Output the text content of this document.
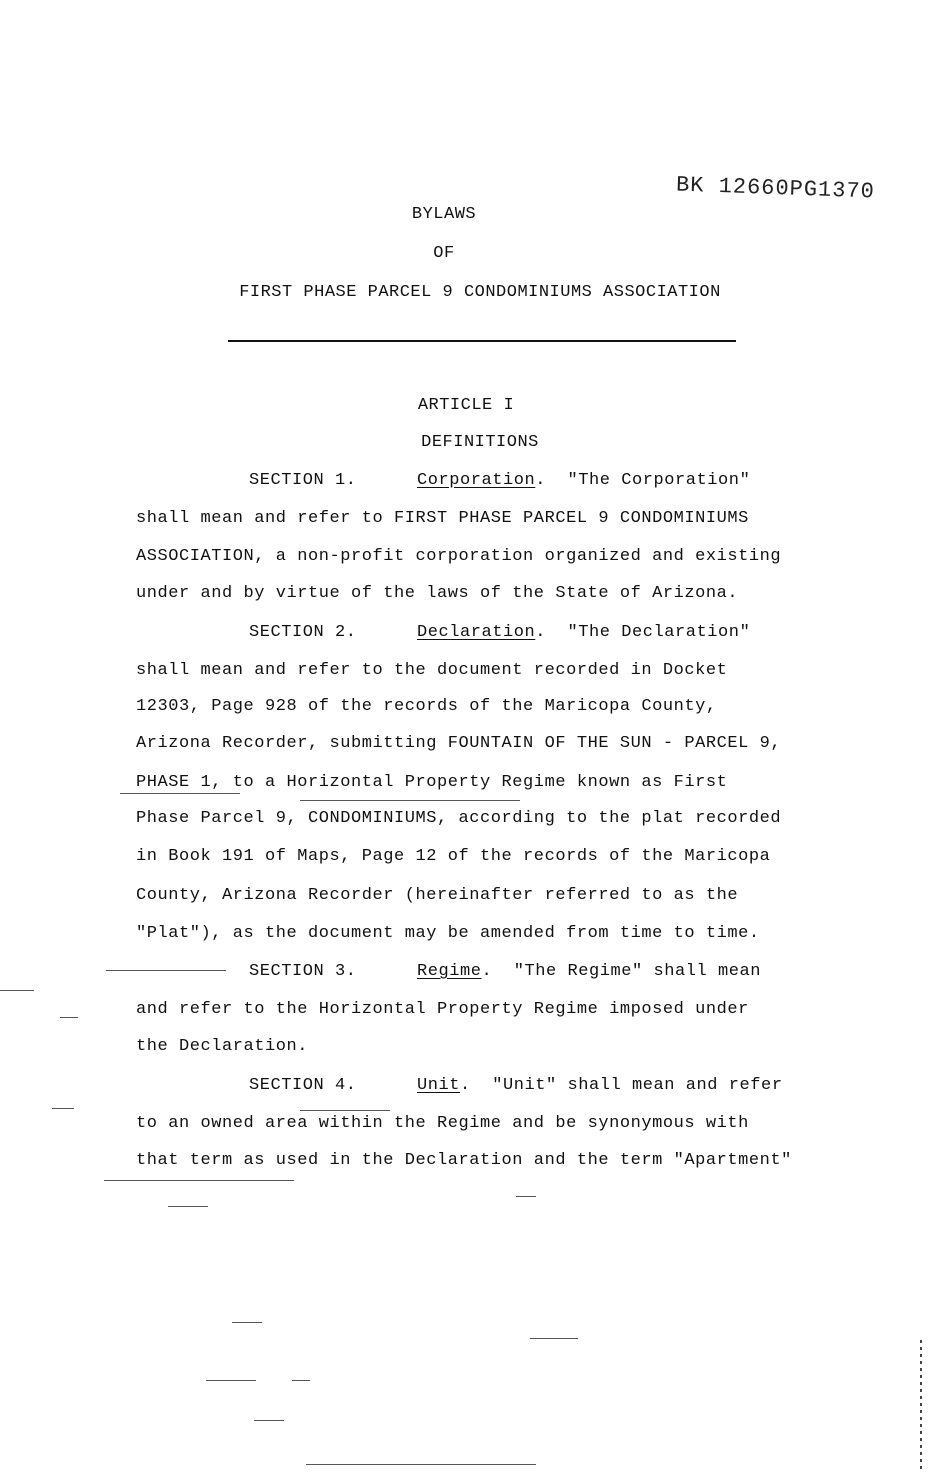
BK 12660PG1370
BYLAWS
OF
FIRST PHASE PARCEL 9 CONDOMINIUMS ASSOCIATION
ARTICLE I
DEFINITIONS
SECTION 1.	Corporation.  "The Corporation"
shall mean and refer to FIRST PHASE PARCEL 9 CONDOMINIUMS
ASSOCIATION, a non-profit corporation organized and existing
under and by virtue of the laws of the State of Arizona.
SECTION 2.	Declaration.  "The Declaration"
shall mean and refer to the document recorded in Docket
12303, Page 928 of the records of the Maricopa County,
Arizona Recorder, submitting FOUNTAIN OF THE SUN - PARCEL 9,
PHASE 1, to a Horizontal Property Regime known as First
Phase Parcel 9, CONDOMINIUMS, according to the plat recorded
in Book 191 of Maps, Page 12 of the records of the Maricopa
County, Arizona Recorder (hereinafter referred to as the
"Plat"), as the document may be amended from time to time.
SECTION 3.	Regime.  "The Regime" shall mean
and refer to the Horizontal Property Regime imposed under
the Declaration.
SECTION 4.	Unit.  "Unit" shall mean and refer
to an owned area within the Regime and be synonymous with
that term as used in the Declaration and the term "Apartment"
